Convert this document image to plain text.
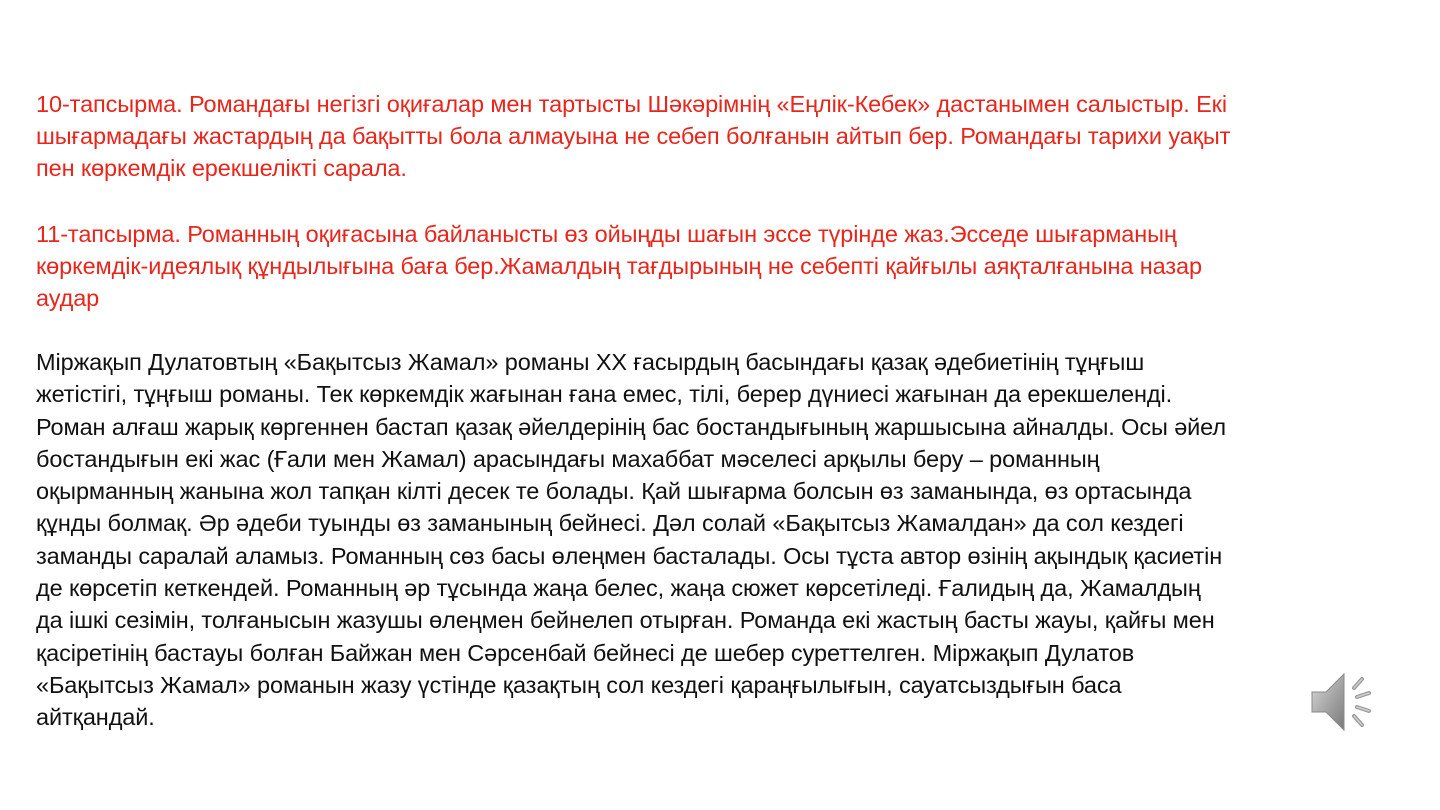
10-тапсырма. Романдағы негізгі оқиғалар мен тартысты Шәкәрімнің «Еңлік-Кебек» дастанымен салыстыр. Екі
шығармадағы жастардың да бақытты бола алмауына не себеп болғанын айтып бер. Романдағы тарихи уақыт
пен көркемдік ерекшелікті сарала.

11-тапсырма. Романның оқиғасына байланысты өз ойыңды шағын эссе түрінде жаз.Эсседе шығарманың
көркемдік-идеялық құндылығына баға бер.Жамалдың тағдырының не себепті қайғылы аяқталғанына назар
аудар

Міржақып Дулатовтың «Бақытсыз Жамал» романы ХХ ғасырдың басындағы қазақ әдебиетінің тұңғыш
жетістігі, тұңғыш романы. Тек көркемдік жағынан ғана емес, тілі, берер дүниесі жағынан да ерекшеленді.
Роман алғаш жарық көргеннен бастап қазақ әйелдерінің бас бостандығының жаршысына айналды. Осы әйел
бостандығын екі жас (Ғали мен Жамал) арасындағы махаббат мәселесі арқылы беру – романның
оқырманның жанына жол тапқан кілті десек те болады. Қай шығарма болсын өз заманында, өз ортасында
құнды болмақ. Әр әдеби туынды өз заманының бейнесі. Дәл солай «Бақытсыз Жамалдан» да сол кездегі
заманды саралай аламыз. Романның сөз басы өлеңмен басталады. Осы тұста автор өзінің ақындық қасиетін
де көрсетіп кеткендей. Романның әр тұсында жаңа белес, жаңа сюжет көрсетіледі. Ғалидың да, Жамалдың
да ішкі сезімін, толғанысын жазушы өлеңмен бейнелеп отырған. Романда екі жастың басты жауы, қайғы мен
қасіретінің бастауы болған Байжан мен Сәрсенбай бейнесі де шебер суреттелген. Міржақып Дулатов
«Бақытсыз Жамал» романын жазу үстінде қазақтың сол кездегі қараңғылығын, сауатсыздығын баса
айтқандай.
